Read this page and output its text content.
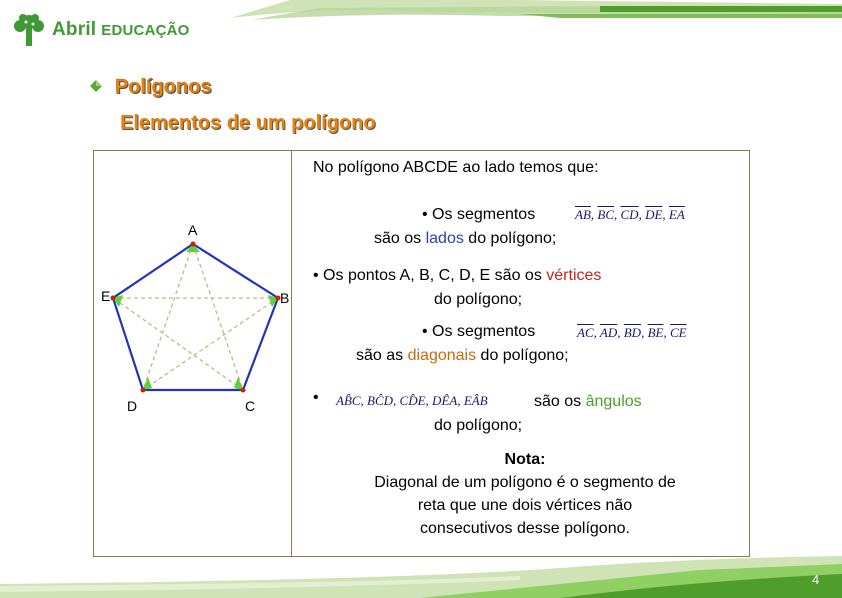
Abril EDUCAÇÃO
Polígonos
Elementos de um polígono
A
B
C
D
E
No polígono ABCDE ao lado temos que:
• Os segmentos	$\overline{AB}$, $\overline{BC}$, $\overline{CD}$, $\overline{DE}$, $\overline{EA}$
são os lados do polígono;
• Os pontos A, B, C, D, E são os vértices
do polígono;
• Os segmentos	$\overline{AC}$, $\overline{AD}$, $\overline{BD}$, $\overline{BE}$, $\overline{CE}$
são as diagonais do polígono;
• AB̂C, BĈD, CD̂E, DÊA, EÂB	são os ângulos
do polígono;
Nota:
Diagonal de um polígono é o segmento de
reta que une dois vértices não
consecutivos desse polígono.
4
